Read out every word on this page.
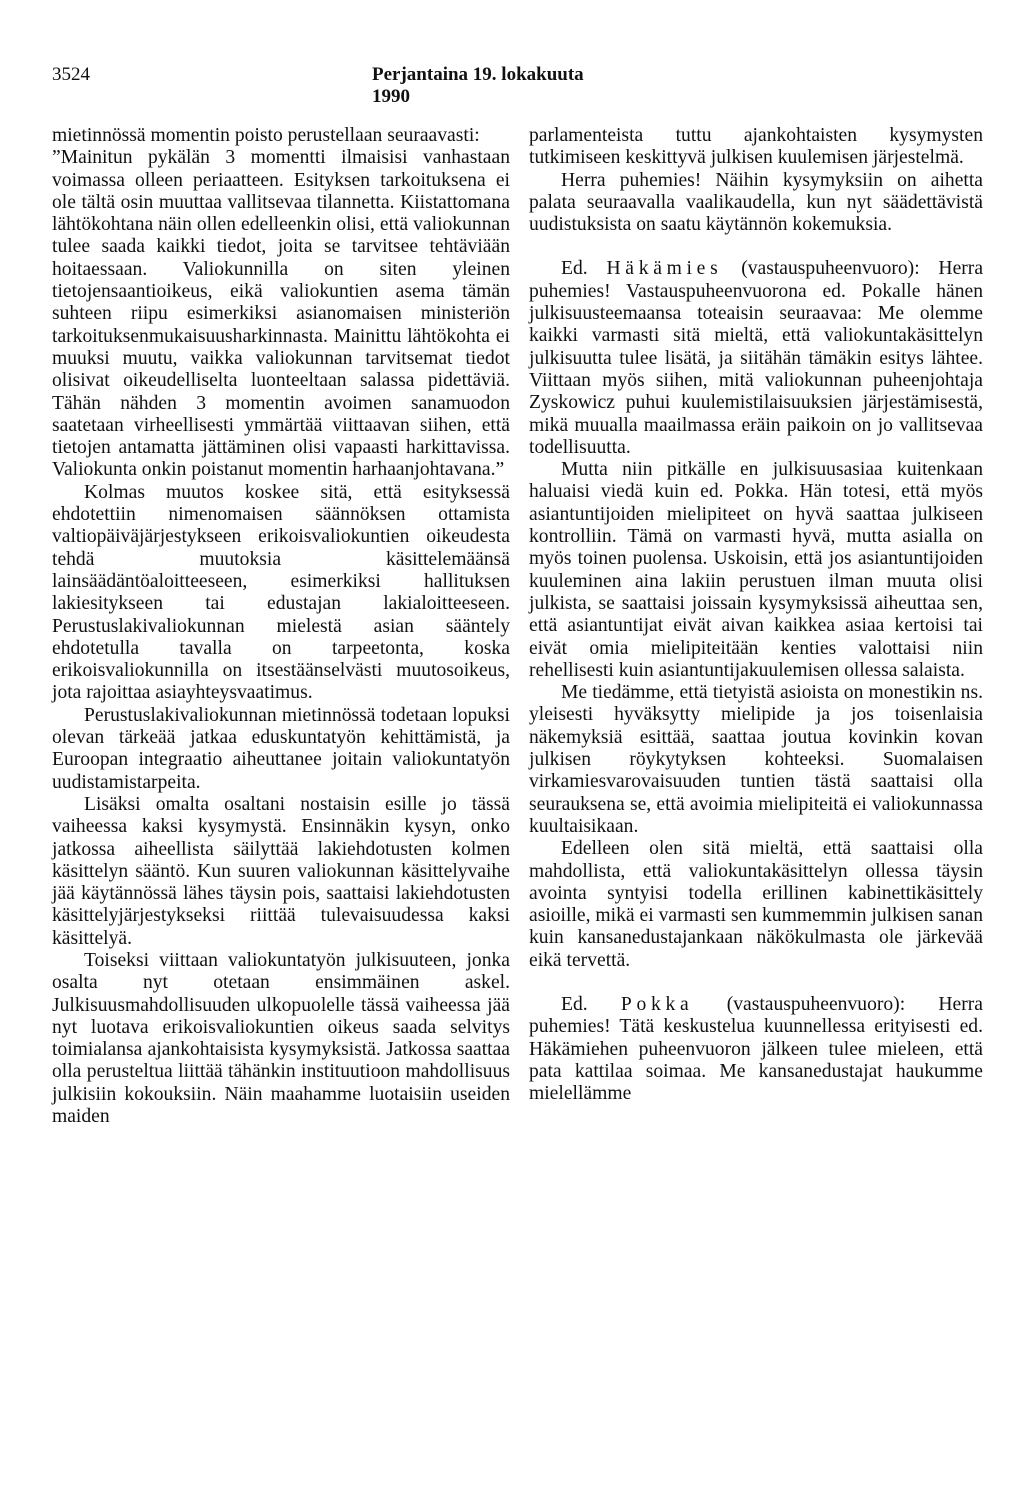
3524	Perjantaina 19. lokakuuta 1990

mietinnössä momentin poisto perustellaan seuraavasti:

”Mainitun pykälän 3 momentti ilmaisisi vanhastaan voimassa olleen periaatteen. Esityksen tarkoituksena ei ole tältä osin muuttaa vallitsevaa tilannetta. Kiistattomana lähtökohtana näin ollen edelleenkin olisi, että valiokunnan tulee saada kaikki tiedot, joita se tarvitsee tehtäviään hoitaessaan. Valiokunnilla on siten yleinen tietojensaantioikeus, eikä valiokuntien asema tämän suhteen riipu esimerkiksi asianomaisen ministeriön tarkoituksenmukaisuusharkinnasta. Mainittu lähtökohta ei muuksi muutu, vaikka valiokunnan tarvitsemat tiedot olisivat oikeudelliselta luonteeltaan salassa pidettäviä. Tähän nähden 3 momentin avoimen sanamuodon saatetaan virheellisesti ymmärtää viittaavan siihen, että tietojen antamatta jättäminen olisi vapaasti harkittavissa. Valiokunta onkin poistanut momentin harhaanjohtavana.”

Kolmas muutos koskee sitä, että esityksessä ehdotettiin nimenomaisen säännöksen ottamista valtiopäiväjärjestykseen erikoisvaliokuntien oikeudesta tehdä muutoksia käsittelemäänsä lainsäädäntöaloitteeseen, esimerkiksi hallituksen lakiesitykseen tai edustajan lakialoitteeseen. Perustuslakivaliokunnan mielestä asian sääntely ehdotetulla tavalla on tarpeetonta, koska erikoisvaliokunnilla on itsestäänselvästi muutosoikeus, jota rajoittaa asiayhteysvaatimus.

Perustuslakivaliokunnan mietinnössä todetaan lopuksi olevan tärkeää jatkaa eduskuntatyön kehittämistä, ja Euroopan integraatio aiheuttanee joitain valiokuntatyön uudistamistarpeita.

Lisäksi omalta osaltani nostaisin esille jo tässä vaiheessa kaksi kysymystä. Ensinnäkin kysyn, onko jatkossa aiheellista säilyttää lakiehdotusten kolmen käsittelyn sääntö. Kun suuren valiokunnan käsittelyvaihe jää käytännössä lähes täysin pois, saattaisi lakiehdotusten käsittelyjärjestykseksi riittää tulevaisuudessa kaksi käsittelyä.

Toiseksi viittaan valiokuntatyön julkisuuteen, jonka osalta nyt otetaan ensimmäinen askel. Julkisuusmahdollisuuden ulkopuolelle tässä vaiheessa jää nyt luotava erikoisvaliokuntien oikeus saada selvitys toimialansa ajankohtaisista kysymyksistä. Jatkossa saattaa olla perusteltua liittää tähänkin instituutioon mahdollisuus julkisiin kokouksiin. Näin maahamme luotaisiin useiden maiden

parlamenteista tuttu ajankohtaisten kysymysten tutkimiseen keskittyvä julkisen kuulemisen järjestelmä.

Herra puhemies! Näihin kysymyksiin on aihetta palata seuraavalla vaalikaudella, kun nyt säädettävistä uudistuksista on saatu käytännön kokemuksia.

Ed. Häkämies (vastauspuheenvuoro): Herra puhemies! Vastauspuheenvuorona ed. Pokalle hänen julkisuusteemaansa toteaisin seuraavaa: Me olemme kaikki varmasti sitä mieltä, että valiokuntakäsittelyn julkisuutta tulee lisätä, ja siitähän tämäkin esitys lähtee. Viittaan myös siihen, mitä valiokunnan puheenjohtaja Zyskowicz puhui kuulemistilaisuuksien järjestämisestä, mikä muualla maailmassa eräin paikoin on jo vallitsevaa todellisuutta.

Mutta niin pitkälle en julkisuusasiaa kuitenkaan haluaisi viedä kuin ed. Pokka. Hän totesi, että myös asiantuntijoiden mielipiteet on hyvä saattaa julkiseen kontrolliin. Tämä on varmasti hyvä, mutta asialla on myös toinen puolensa. Uskoisin, että jos asiantuntijoiden kuuleminen aina lakiin perustuen ilman muuta olisi julkista, se saattaisi joissain kysymyksissä aiheuttaa sen, että asiantuntijat eivät aivan kaikkea asiaa kertoisi tai eivät omia mielipiteitään kenties valottaisi niin rehellisesti kuin asiantuntijakuulemisen ollessa salaista.

Me tiedämme, että tietyistä asioista on monestikin ns. yleisesti hyväksytty mielipide ja jos toisenlaisia näkemyksiä esittää, saattaa joutua kovinkin kovan julkisen röykytyksen kohteeksi. Suomalaisen virkamiesvarovaisuuden tuntien tästä saattaisi olla seurauksena se, että avoimia mielipiteitä ei valiokunnassa kuultaisikaan.

Edelleen olen sitä mieltä, että saattaisi olla mahdollista, että valiokuntakäsittelyn ollessa täysin avointa syntyisi todella erillinen kabinettikäsittely asioille, mikä ei varmasti sen kummemmin julkisen sanan kuin kansanedustajankaan näkökulmasta ole järkevää eikä tervettä.

Ed. Pokka (vastauspuheenvuoro): Herra puhemies! Tätä keskustelua kuunnellessa erityisesti ed. Häkämiehen puheenvuoron jälkeen tulee mieleen, että pata kattilaa soimaa. Me kansanedustajat haukumme mielellämme
